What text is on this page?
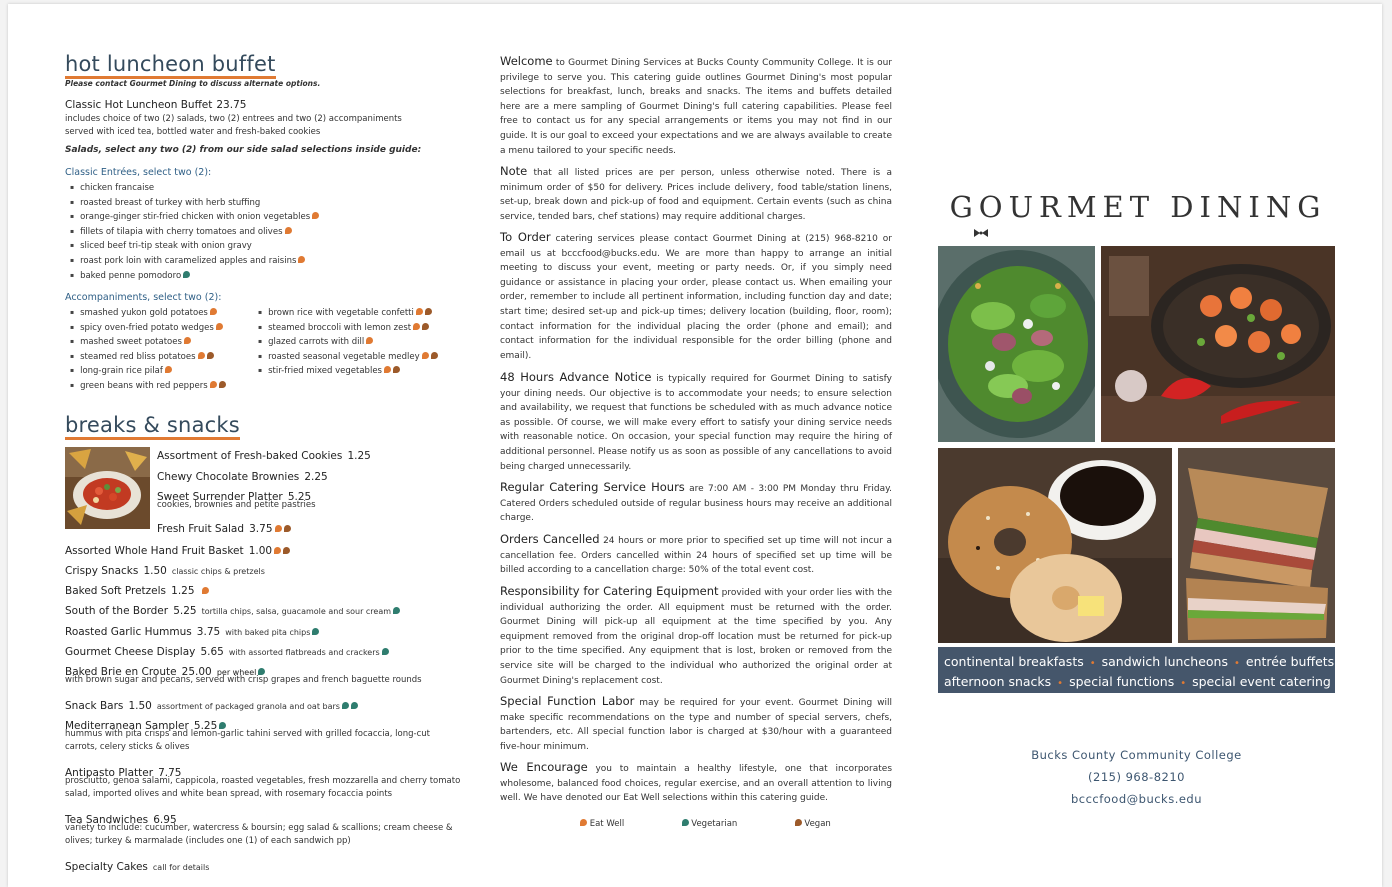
hot luncheon buffet
Please contact Gourmet Dining to discuss alternate options.
Classic Hot Luncheon Buffet 23.75
includes choice of two (2) salads, two (2) entrees and two (2) accompaniments
served with iced tea, bottled water and fresh-baked cookies
Salads, select any two (2) from our side salad selections inside guide:
Classic Entrées, select two (2):
▪ chicken francaise
▪ roasted breast of turkey with herb stuffing
▪ orange-ginger stir-fried chicken with onion vegetables
▪ fillets of tilapia with cherry tomatoes and olives
▪ sliced beef tri-tip steak with onion gravy
▪ roast pork loin with caramelized apples and raisins
▪ baked penne pomodoro
Accompaniments, select two (2):
▪ smashed yukon gold potatoes
▪ spicy oven-fried potato wedges
▪ mashed sweet potatoes
▪ steamed red bliss potatoes
▪ long-grain rice pilaf
▪ green beans with red peppers
▪ brown rice with vegetable confetti
▪ steamed broccoli with lemon zest
▪ glazed carrots with dill
▪ roasted seasonal vegetable medley
▪ stir-fried mixed vegetables
breaks & snacks
Assortment of Fresh-baked Cookies 1.25
Chewy Chocolate Brownies 2.25
Sweet Surrender Platter 5.25
cookies, brownies and petite pastries
Fresh Fruit Salad 3.75
Assorted Whole Hand Fruit Basket 1.00
Crispy Snacks 1.50 classic chips & pretzels
Baked Soft Pretzels 1.25
South of the Border 5.25 tortilla chips, salsa, guacamole and sour cream
Roasted Garlic Hummus 3.75 with baked pita chips
Gourmet Cheese Display 5.65 with assorted flatbreads and crackers
Baked Brie en Croute 25.00 per wheel
with brown sugar and pecans, served with crisp grapes and french baguette rounds
Snack Bars 1.50 assortment of packaged granola and oat bars
Mediterranean Sampler 5.25
hummus with pita crisps and lemon-garlic tahini served with grilled focaccia, long-cut
carrots, celery sticks & olives
Antipasto Platter 7.75
prosciutto, genoa salami, cappicola, roasted vegetables, fresh mozzarella and cherry tomato
salad, imported olives and white bean spread, with rosemary focaccia points
Tea Sandwiches 6.95
variety to include: cucumber, watercress & boursin; egg salad & scallions; cream cheese &
olives; turkey & marmalade (includes one (1) of each sandwich pp)
Specialty Cakes call for details
Welcome to Gourmet Dining Services at Bucks County Community College. It is our privilege to serve you. This catering guide outlines Gourmet Dining's most popular selections for breakfast, lunch, breaks and snacks. The items and buffets detailed here are a mere sampling of Gourmet Dining's full catering capabilities. Please feel free to contact us for any special arrangements or items you may not find in our guide. It is our goal to exceed your expectations and we are always available to create a menu tailored to your specific needs.
Note that all listed prices are per person, unless otherwise noted. There is a minimum order of $50 for delivery. Prices include delivery, food table/station linens, set-up, break down and pick-up of food and equipment. Certain events (such as china service, tended bars, chef stations) may require additional charges.
To Order catering services please contact Gourmet Dining at (215) 968-8210 or email us at bcccfood@bucks.edu. We are more than happy to arrange an initial meeting to discuss your event, meeting or party needs. Or, if you simply need guidance or assistance in placing your order, please contact us. When emailing your order, remember to include all pertinent information, including function day and date; start time; desired set-up and pick-up times; delivery location (building, floor, room); contact information for the individual placing the order (phone and email); and contact information for the individual responsible for the order billing (phone and email).
48 Hours Advance Notice is typically required for Gourmet Dining to satisfy your dining needs. Our objective is to accommodate your needs; to ensure selection and availability, we request that functions be scheduled with as much advance notice as possible. Of course, we will make every effort to satisfy your dining service needs with reasonable notice. On occasion, your special function may require the hiring of additional personnel. Please notify us as soon as possible of any cancellations to avoid being charged unnecessarily.
Regular Catering Service Hours are 7:00 AM - 3:00 PM Monday thru Friday. Catered Orders scheduled outside of regular business hours may receive an additional charge.
Orders Cancelled 24 hours or more prior to specified set up time will not incur a cancellation fee. Orders cancelled within 24 hours of specified set up time will be billed according to a cancellation charge: 50% of the total event cost.
Responsibility for Catering Equipment provided with your order lies with the individual authorizing the order. All equipment must be returned with the order. Gourmet Dining will pick-up all equipment at the time specified by you. Any equipment removed from the original drop-off location must be returned for pick-up prior to the time specified. Any equipment that is lost, broken or removed from the service site will be charged to the individual who authorized the original order at Gourmet Dining's replacement cost.
Special Function Labor may be required for your event. Gourmet Dining will make specific recommendations on the type and number of special servers, chefs, bartenders, etc. All special function labor is charged at $30/hour with a guaranteed five-hour minimum.
We Encourage you to maintain a healthy lifestyle, one that incorporates wholesome, balanced food choices, regular exercise, and an overall attention to living well. We have denoted our Eat Well selections within this catering guide.
Eat Well	Vegetarian	Vegan
GOURMET DINING
continental breakfasts • sandwich luncheons • entrée buffets
afternoon snacks • special functions • special event catering
Bucks County Community College
(215) 968-8210
bcccfood@bucks.edu
